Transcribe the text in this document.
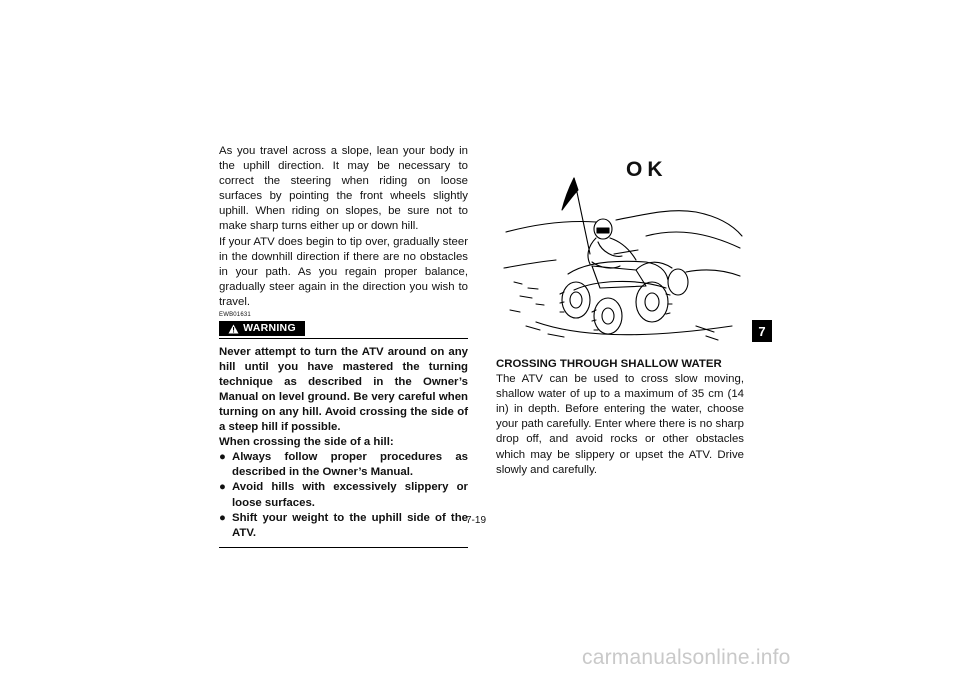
As you travel across a slope, lean your body in the uphill direction. It may be necessary to correct the steering when riding on loose surfaces by pointing the front wheels slightly uphill. When riding on slopes, be sure not to make sharp turns either up or down hill.

If your ATV does begin to tip over, gradually steer in the downhill direction if there are no obstacles in your path. As you regain proper balance, gradually steer again in the direction you wish to travel.

EWB01631
WARNING

Never attempt to turn the ATV around on any hill until you have mastered the turning technique as described in the Owner’s Manual on level ground. Be very careful when turning on any hill. Avoid crossing the side of a steep hill if possible.

When crossing the side of a hill:

● Always follow proper procedures as described in the Owner’s Manual.
● Avoid hills with excessively slippery or loose surfaces.
● Shift your weight to the uphill side of the ATV.
OK
CROSSING THROUGH SHALLOW WATER

The ATV can be used to cross slow moving, shallow water of up to a maximum of 35 cm (14 in) in depth. Before entering the water, choose your path carefully. Enter where there is no sharp drop off, and avoid rocks or other obstacles which may be slippery or upset the ATV. Drive slowly and carefully.

7
7-19
carmanualsonline.info
